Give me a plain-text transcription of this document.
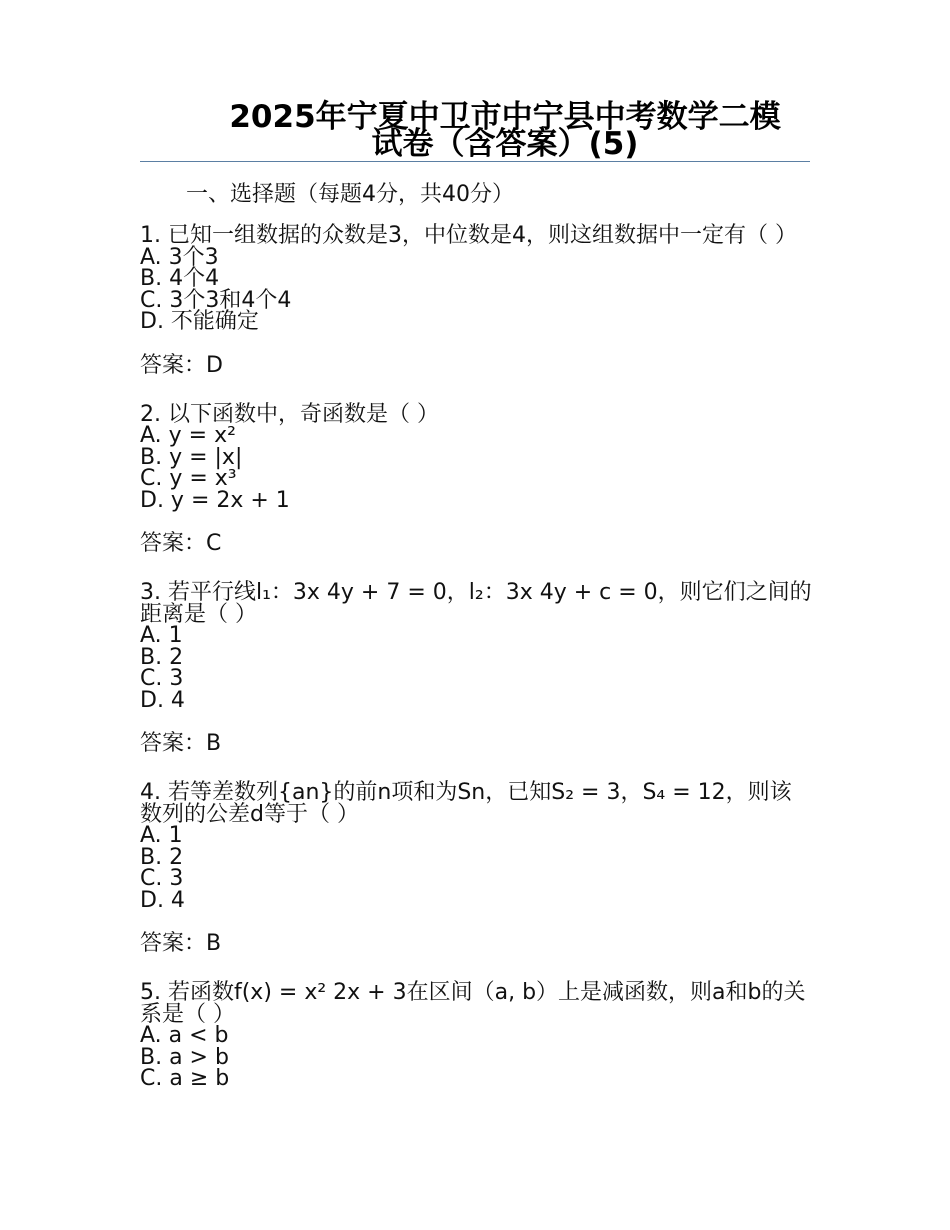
2025年宁夏中卫市中宁县中考数学二模
试卷（含答案）(5)
一、选择题（每题4分，共40分）
1. 已知一组数据的众数是3，中位数是4，则这组数据中一定有（ ）
A. 3个3
B. 4个4
C. 3个3和4个4
D. 不能确定
答案：D
2. 以下函数中，奇函数是（ ）
A. y = x²
B. y = |x|
C. y = x³
D. y = 2x + 1
答案：C
3. 若平行线l₁：3x 4y + 7 = 0，l₂：3x 4y + c = 0，则它们之间的距离是（ ）
A. 1
B. 2
C. 3
D. 4
答案：B
4. 若等差数列{an}的前n项和为Sn，已知S₂ = 3，S₄ = 12，则该数列的公差d等于（ ）
A. 1
B. 2
C. 3
D. 4
答案：B
5. 若函数f(x) = x² 2x + 3在区间（a, b）上是减函数，则a和b的关系是（ ）
A. a < b
B. a > b
C. a ≥ b
